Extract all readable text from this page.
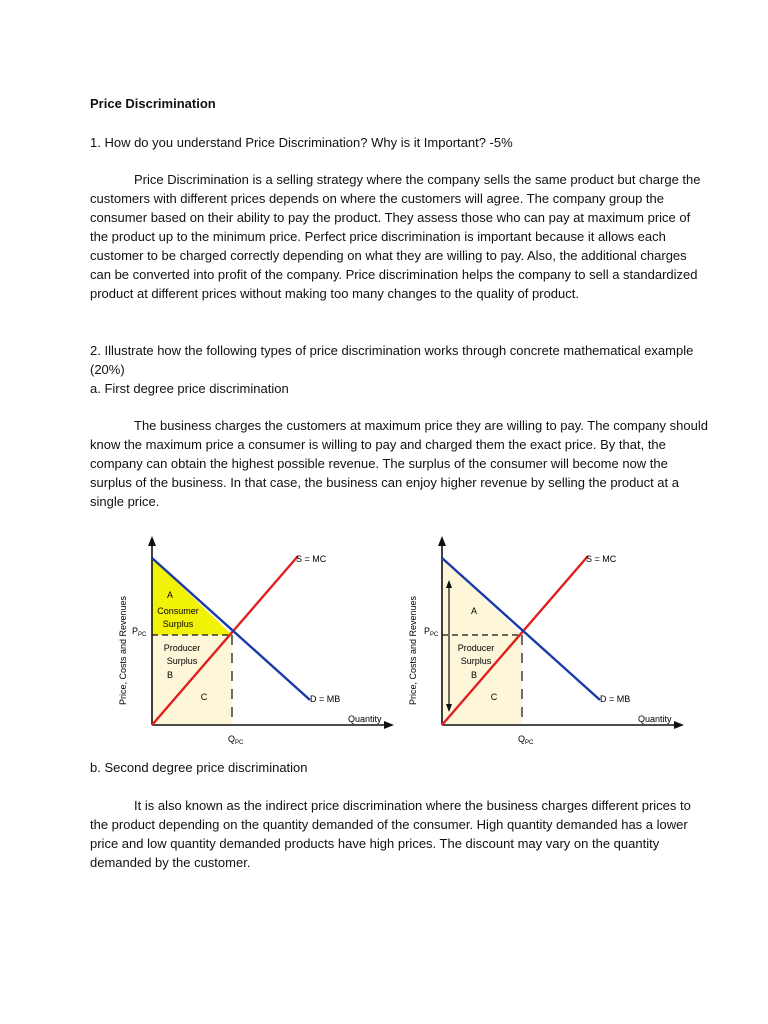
Price Discrimination

1. How do you understand Price Discrimination? Why is it Important? -5%

Price Discrimination is a selling strategy where the company sells the same product but charge the customers with different prices depends on where the customers will agree. The company group the consumer based on their ability to pay the product. They assess those who can pay at maximum price of the product up to the minimum price. Perfect price discrimination is important because it allows each customer to be charged correctly depending on what they are willing to pay. Also, the additional charges can be converted into profit of the company. Price discrimination helps the company to sell a standardized product at different prices without making too many changes to the quality of product.

2. Illustrate how the following types of price discrimination works through concrete mathematical example (20%)

a. First degree price discrimination

The business charges the customers at maximum price they are willing to pay. The company should know the maximum price a consumer is willing to pay and charged them the exact price. By that, the company can obtain the highest possible revenue. The surplus of the consumer will become now the surplus of the business. In that case, the business can enjoy higher revenue by selling the product at a single price.

S = MC
D = MB
Quantity
Price, Costs and Revenues $P_{PC}$
$Q_{PC}$
A
Consumer
Surplus
Producer
Surplus
B
C
S = MC
D = MB
Quantity
Price, Costs and Revenues $P_{PC}$
$Q_{PC}$
A
Producer
Surplus
B
C

b. Second degree price discrimination

It is also known as the indirect price discrimination where the business charges different prices to the product depending on the quantity demanded of the consumer. High quantity demanded has a lower price and low quantity demanded products have high prices. The discount may vary on the quantity demanded by the customer.
